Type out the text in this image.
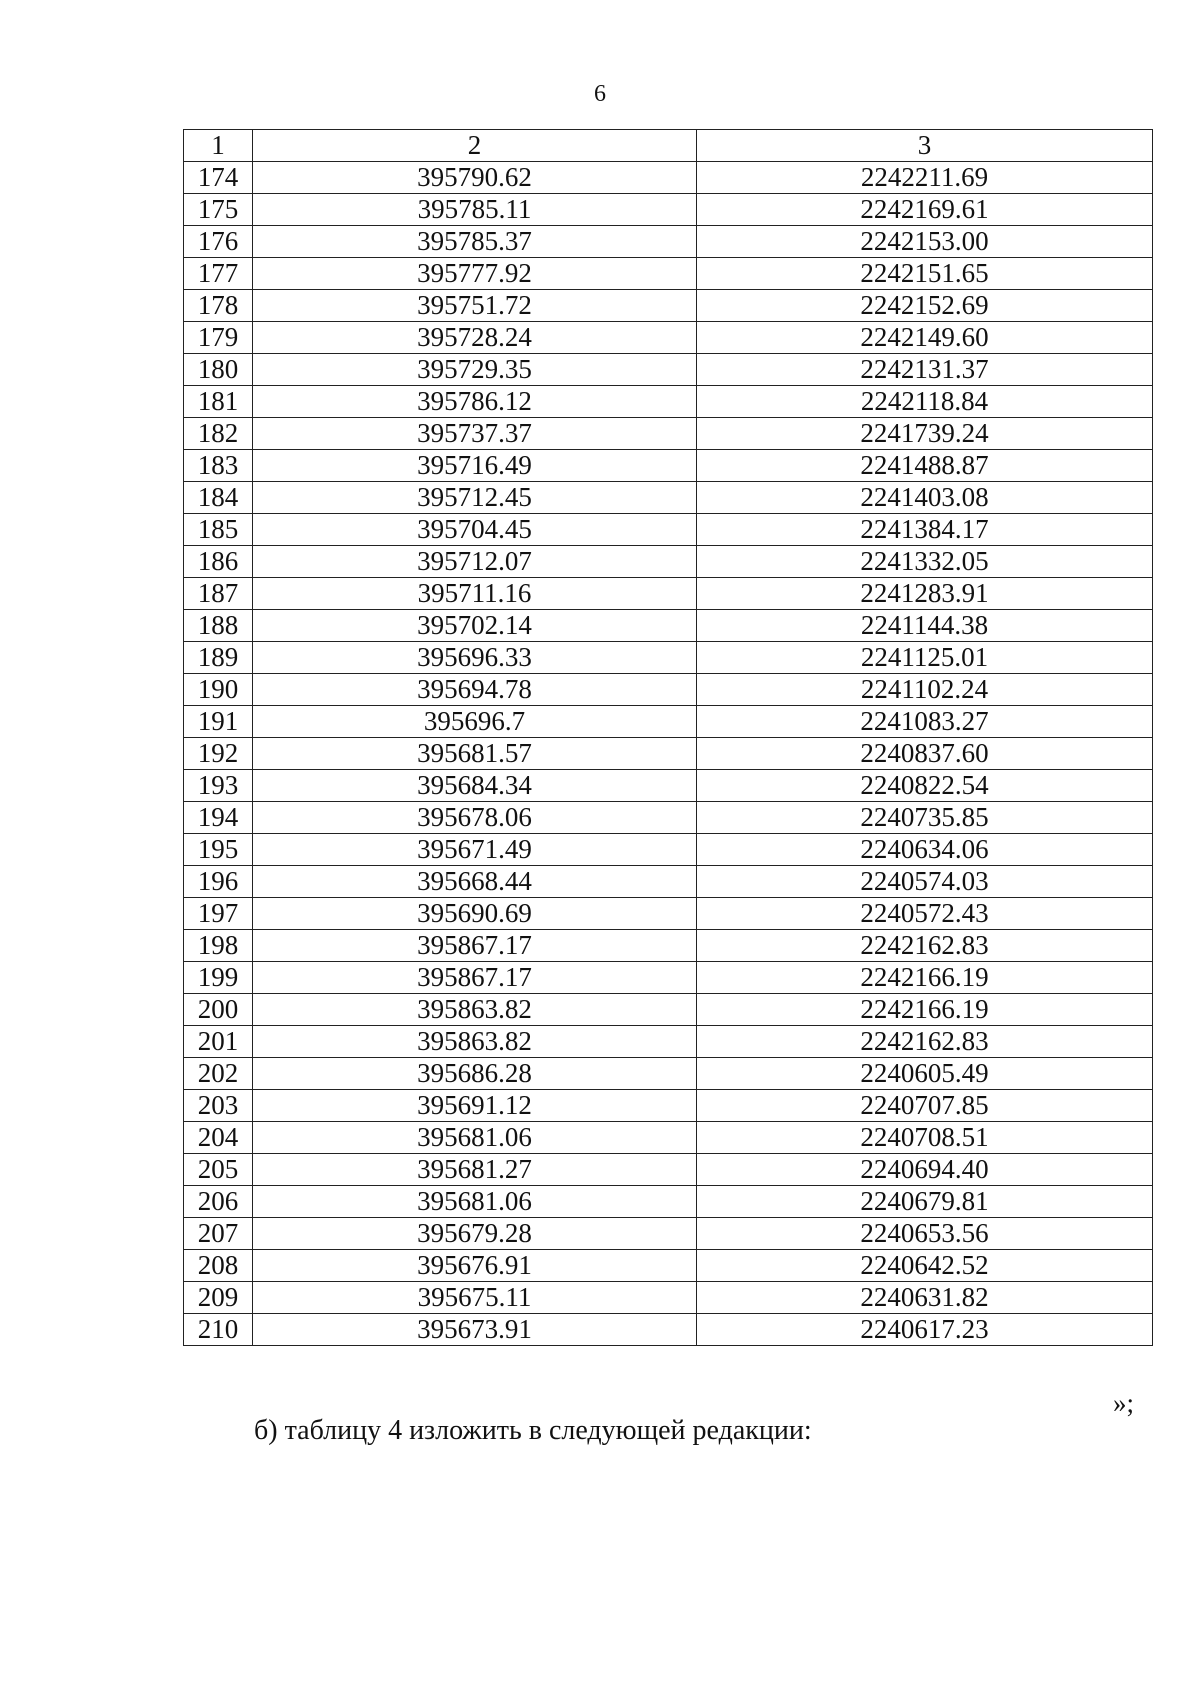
6
1	2	3
174	395790.62	2242211.69
175	395785.11	2242169.61
176	395785.37	2242153.00
177	395777.92	2242151.65
178	395751.72	2242152.69
179	395728.24	2242149.60
180	395729.35	2242131.37
181	395786.12	2242118.84
182	395737.37	2241739.24
183	395716.49	2241488.87
184	395712.45	2241403.08
185	395704.45	2241384.17
186	395712.07	2241332.05
187	395711.16	2241283.91
188	395702.14	2241144.38
189	395696.33	2241125.01
190	395694.78	2241102.24
191	395696.7	2241083.27
192	395681.57	2240837.60
193	395684.34	2240822.54
194	395678.06	2240735.85
195	395671.49	2240634.06
196	395668.44	2240574.03
197	395690.69	2240572.43
198	395867.17	2242162.83
199	395867.17	2242166.19
200	395863.82	2242166.19
201	395863.82	2242162.83
202	395686.28	2240605.49
203	395691.12	2240707.85
204	395681.06	2240708.51
205	395681.27	2240694.40
206	395681.06	2240679.81
207	395679.28	2240653.56
208	395676.91	2240642.52
209	395675.11	2240631.82
210	395673.91	2240617.23
»;
б) таблицу 4 изложить в следующей редакции:
